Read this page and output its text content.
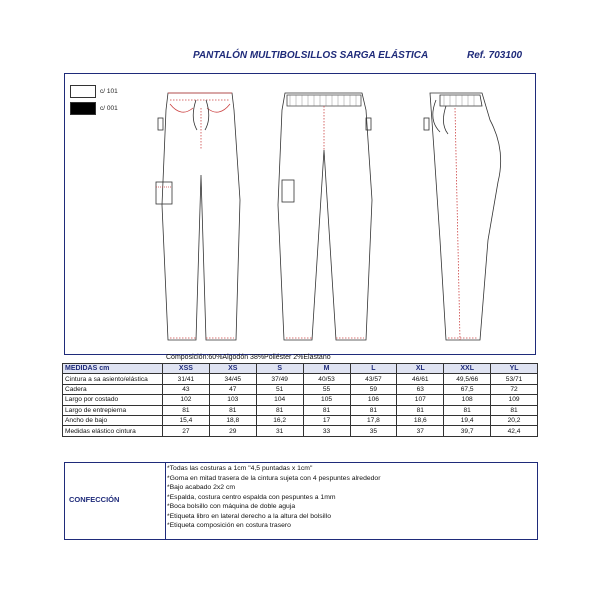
PANTALÓN MULTIBOLSILLOS SARGA ELÁSTICA	Ref. 703100
c/ 101
c/ 001
Composición:60%Algodón 38%Poliéster 2%Elastano
MEDIDAS cm	XSS	XS	S	M	L	XL	XXL	YL
Cintura a sa asiento/elástica	31/41	34/45	37/49	40/53	43/57	46/61	49,5/66	53/71
Cadera	43	47	51	55	59	63	67,5	72
Largo por costado	102	103	104	105	106	107	108	109
Largo de entrepierna	81	81	81	81	81	81	81	81
Ancho de bajo	15,4	18,8	16,2	17	17,8	18,6	19,4	20,2
Medidas elástico cintura	27	29	31	33	35	37	39,7	42,4
CONFECCIÓN
*Todas las costuras a 1cm "4,5 puntadas x 1cm"
*Goma en mitad trasera de la cintura sujeta con 4 pespuntes alrededor
*Bajo acabado 2x2 cm
*Espalda, costura centro espalda con pespuntes a 1mm
*Boca bolsillo con máquina de doble aguja
*Etiqueta libro en lateral derecho a la altura del bolsillo
*Etiqueta composición en costura trasero
